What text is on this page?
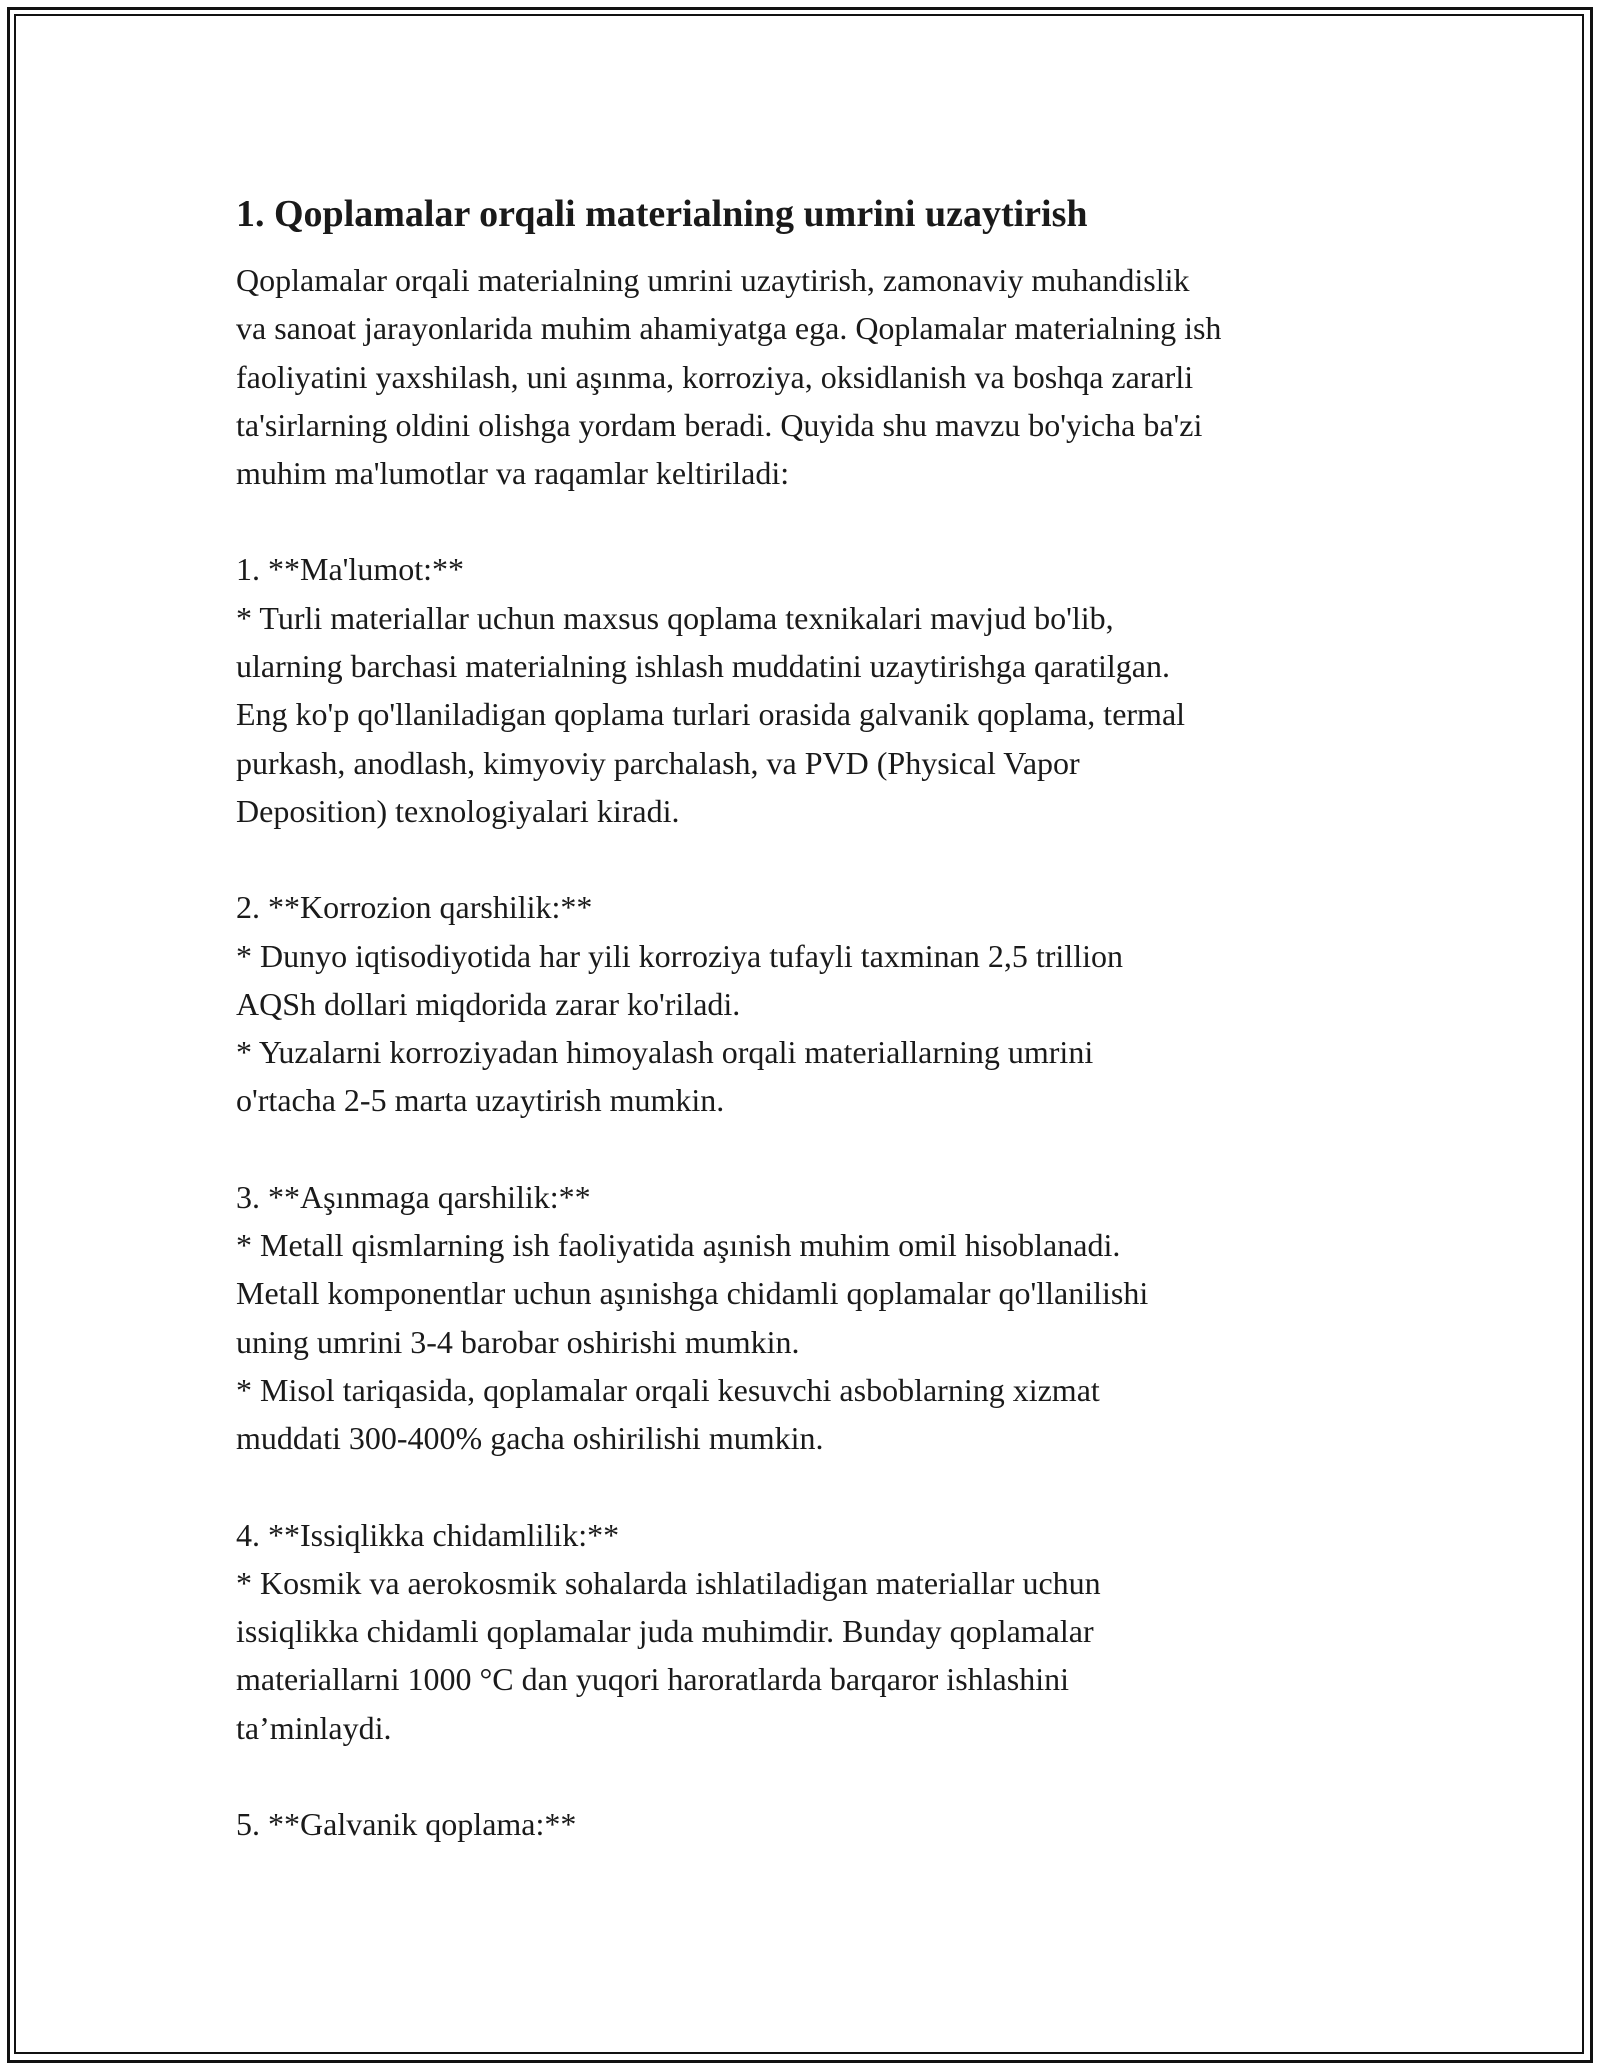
1. Qoplamalar orqali materialning umrini uzaytirish

Qoplamalar orqali materialning umrini uzaytirish, zamonaviy muhandislik
va sanoat jarayonlarida muhim ahamiyatga ega. Qoplamalar materialning ish
faoliyatini yaxshilash, uni aşınma, korroziya, oksidlanish va boshqa zararli
ta'sirlarning oldini olishga yordam beradi. Quyida shu mavzu bo'yicha ba'zi
muhim ma'lumotlar va raqamlar keltiriladi:

1. **Ma'lumot:**
* Turli materiallar uchun maxsus qoplama texnikalari mavjud bo'lib,
ularning barchasi materialning ishlash muddatini uzaytirishga qaratilgan.
Eng ko'p qo'llaniladigan qoplama turlari orasida galvanik qoplama, termal
purkash, anodlash, kimyoviy parchalash, va PVD (Physical Vapor
Deposition) texnologiyalari kiradi.
2. **Korrozion qarshilik:**
* Dunyo iqtisodiyotida har yili korroziya tufayli taxminan 2,5 trillion
AQSh dollari miqdorida zarar ko'riladi.
* Yuzalarni korroziyadan himoyalash orqali materiallarning umrini
o'rtacha 2-5 marta uzaytirish mumkin.
3. **Aşınmaga qarshilik:**
* Metall qismlarning ish faoliyatida aşınish muhim omil hisoblanadi.
Metall komponentlar uchun aşınishga chidamli qoplamalar qo'llanilishi
uning umrini 3-4 barobar oshirishi mumkin.
* Misol tariqasida, qoplamalar orqali kesuvchi asboblarning xizmat
muddati 300-400% gacha oshirilishi mumkin.
4. **Issiqlikka chidamlilik:**
* Kosmik va aerokosmik sohalarda ishlatiladigan materiallar uchun
issiqlikka chidamli qoplamalar juda muhimdir. Bunday qoplamalar
materiallarni 1000 °C dan yuqori haroratlarda barqaror ishlashini
ta’minlaydi.
5. **Galvanik qoplama:**
